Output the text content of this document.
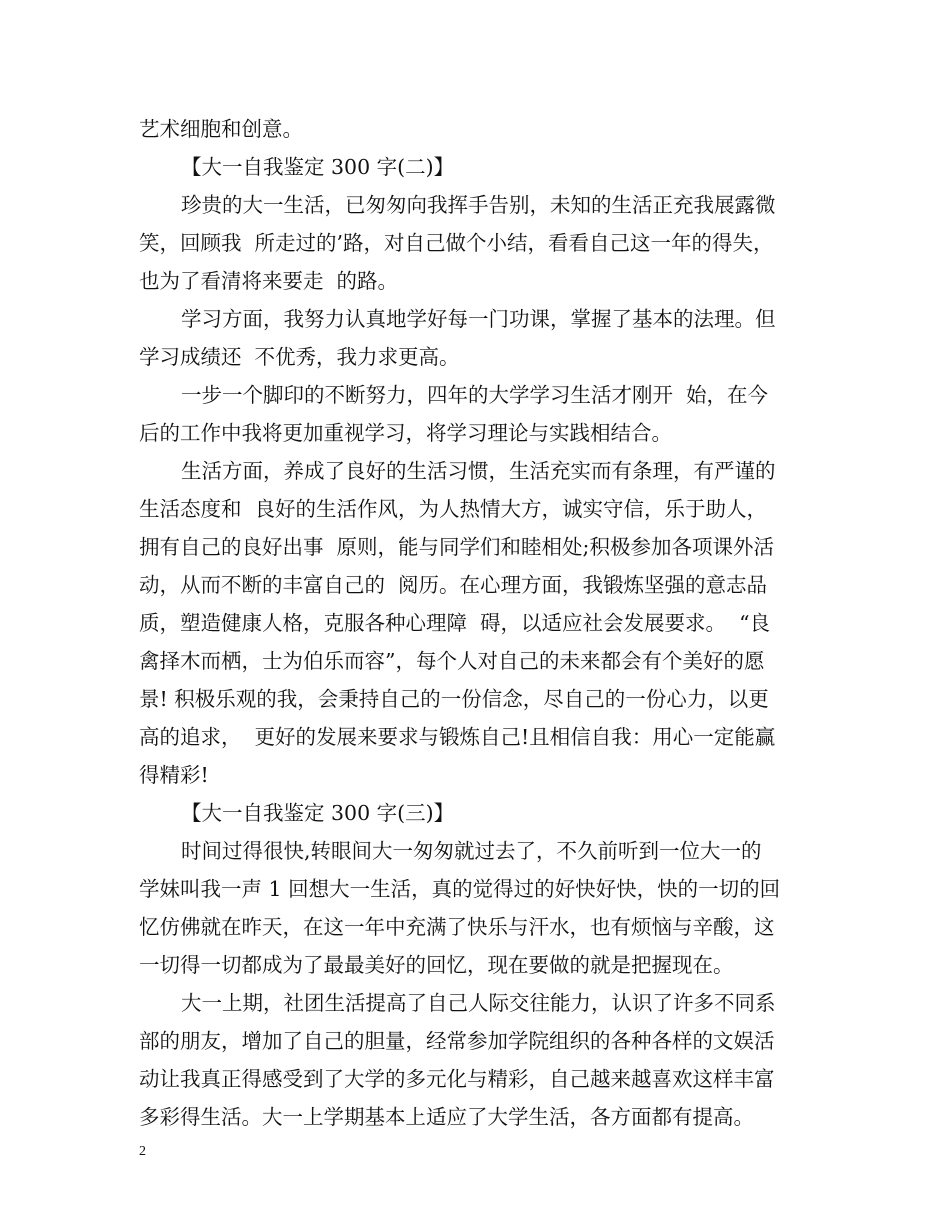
艺术细胞和创意。
【大一自我鉴定 300 字(二)】
珍贵的大一生活，已匆匆向我挥手告别，未知的生活正充我展露微
笑，回顾我  所走过的’路，对自己做个小结，看看自己这一年的得失，
也为了看清将来要走  的路。
学习方面，我努力认真地学好每一门功课，掌握了基本的法理。但
学习成绩还  不优秀，我力求更高。
一步一个脚印的不断努力，四年的大学学习生活才刚开  始，在今
后的工作中我将更加重视学习，将学习理论与实践相结合。
生活方面，养成了良好的生活习惯，生活充实而有条理，有严谨的
生活态度和  良好的生活作风，为人热情大方，诚实守信，乐于助人，
拥有自己的良好出事  原则，能与同学们和睦相处;积极参加各项课外活
动，从而不断的丰富自己的  阅历。在心理方面，我锻炼坚强的意志品
质，塑造健康人格，克服各种心理障  碍，以适应社会发展要求。  “良
禽择木而栖，士为伯乐而容”，每个人对自己的未来都会有个美好的愿
景! 积极乐观的我，会秉持自己的一份信念，尽自己的一份心力，以更
高的追求，  更好的发展来要求与锻炼自己!且相信自我：用心一定能赢
得精彩!
【大一自我鉴定 300 字(三)】
时间过得很快,转眼间大一匆匆就过去了，不久前听到一位大一的
学妹叫我一声 1 回想大一生活，真的觉得过的好快好快，快的一切的回
忆仿佛就在昨天，在这一年中充满了快乐与汗水，也有烦恼与辛酸，这
一切得一切都成为了最最美好的回忆，现在要做的就是把握现在。
大一上期，社团生活提高了自己人际交往能力，认识了许多不同系
部的朋友，增加了自己的胆量，经常参加学院组织的各种各样的文娱活
动让我真正得感受到了大学的多元化与精彩，自己越来越喜欢这样丰富
多彩得生活。大一上学期基本上适应了大学生活，各方面都有提高。
2
